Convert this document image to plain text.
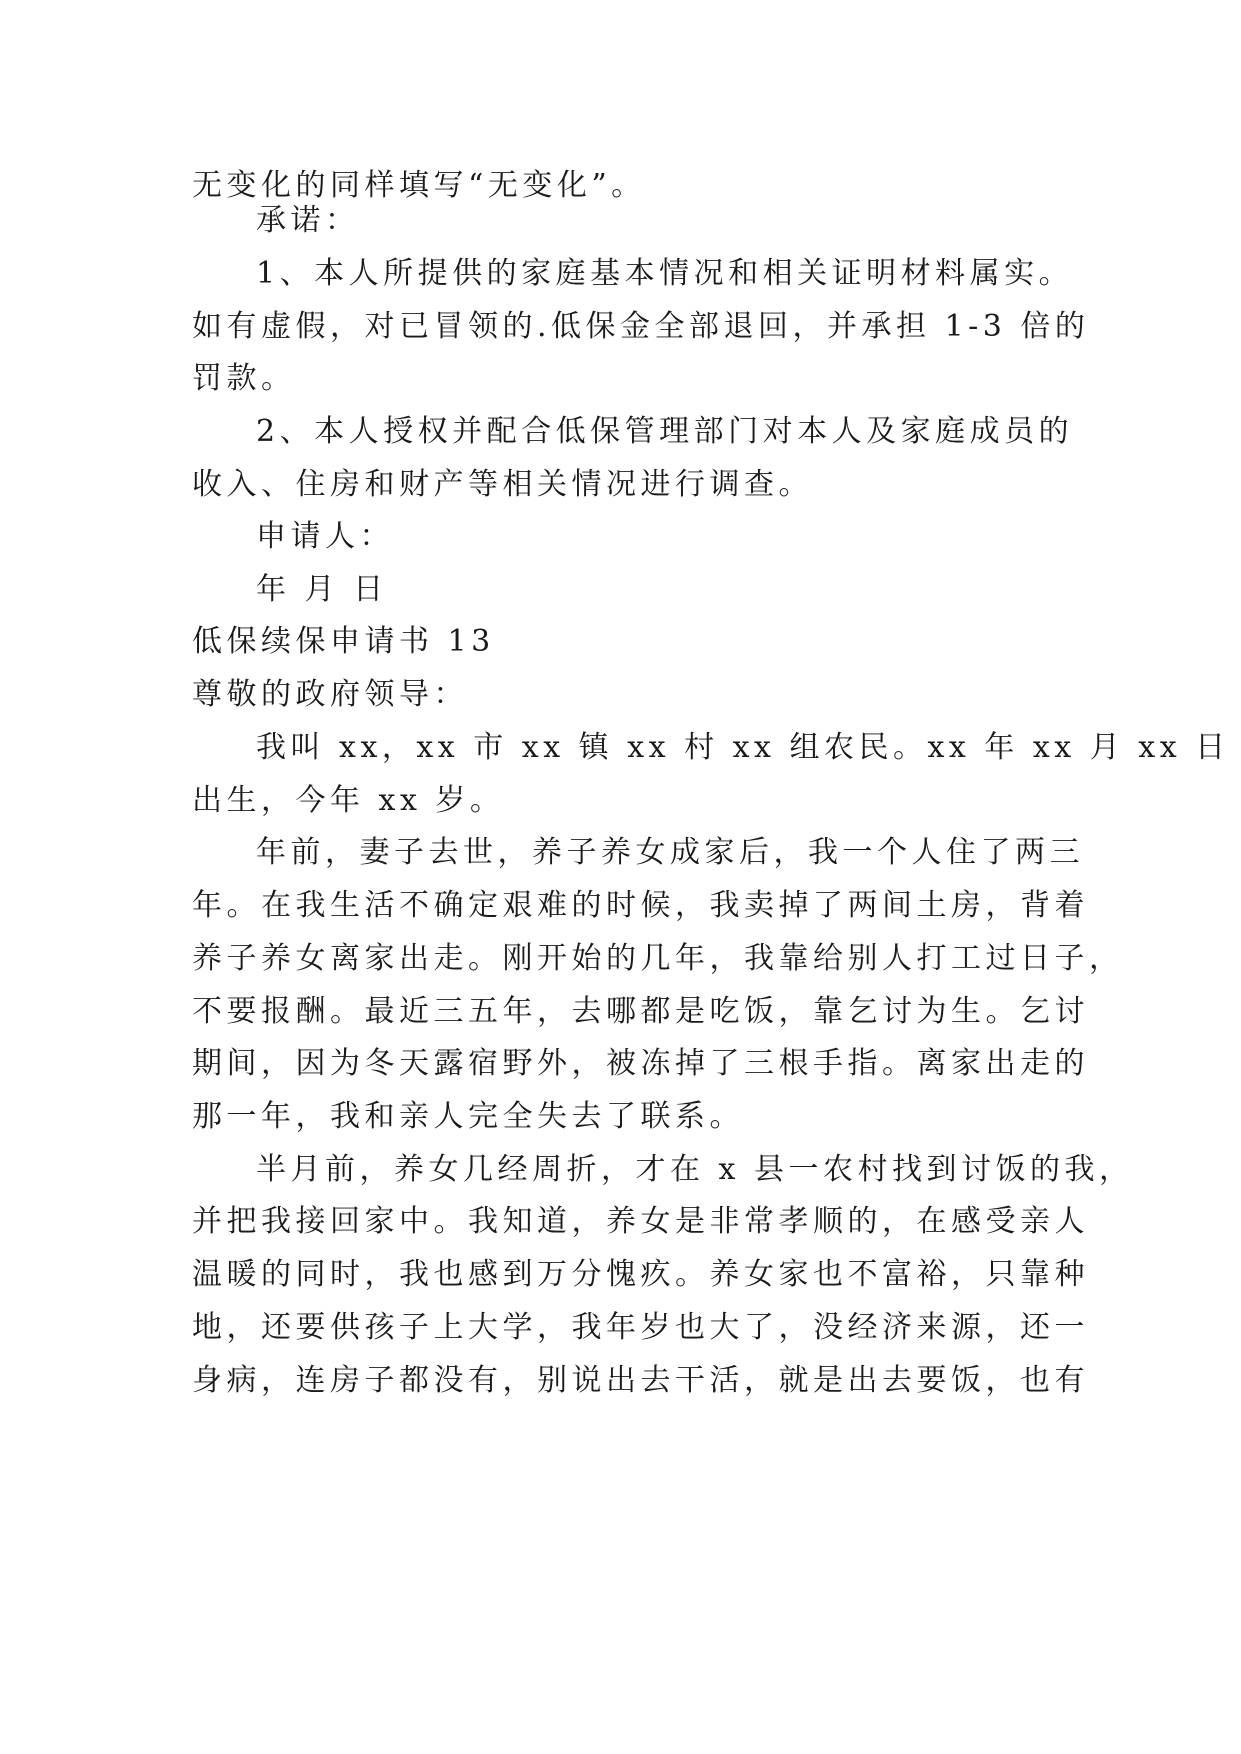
无变化的同样填写“无变化”。
承诺：
1、本人所提供的家庭基本情况和相关证明材料属实。
如有虚假，对已冒领的.低保金全部退回，并承担 1-3 倍的
罚款。
2、本人授权并配合低保管理部门对本人及家庭成员的
收入、住房和财产等相关情况进行调查。
申请人：
年 月 日
低保续保申请书 13
尊敬的政府领导：
我叫 xx，xx 市 xx 镇 xx 村 xx 组农民。xx 年 xx 月 xx 日
出生，今年 xx 岁。
年前，妻子去世，养子养女成家后，我一个人住了两三
年。在我生活不确定艰难的时候，我卖掉了两间土房，背着
养子养女离家出走。刚开始的几年，我靠给别人打工过日子，
不要报酬。最近三五年，去哪都是吃饭，靠乞讨为生。乞讨
期间，因为冬天露宿野外，被冻掉了三根手指。离家出走的
那一年，我和亲人完全失去了联系。
半月前，养女几经周折，才在 x 县一农村找到讨饭的我，
并把我接回家中。我知道，养女是非常孝顺的，在感受亲人
温暖的同时，我也感到万分愧疚。养女家也不富裕，只靠种
地，还要供孩子上大学，我年岁也大了，没经济来源，还一
身病，连房子都没有，别说出去干活，就是出去要饭，也有
